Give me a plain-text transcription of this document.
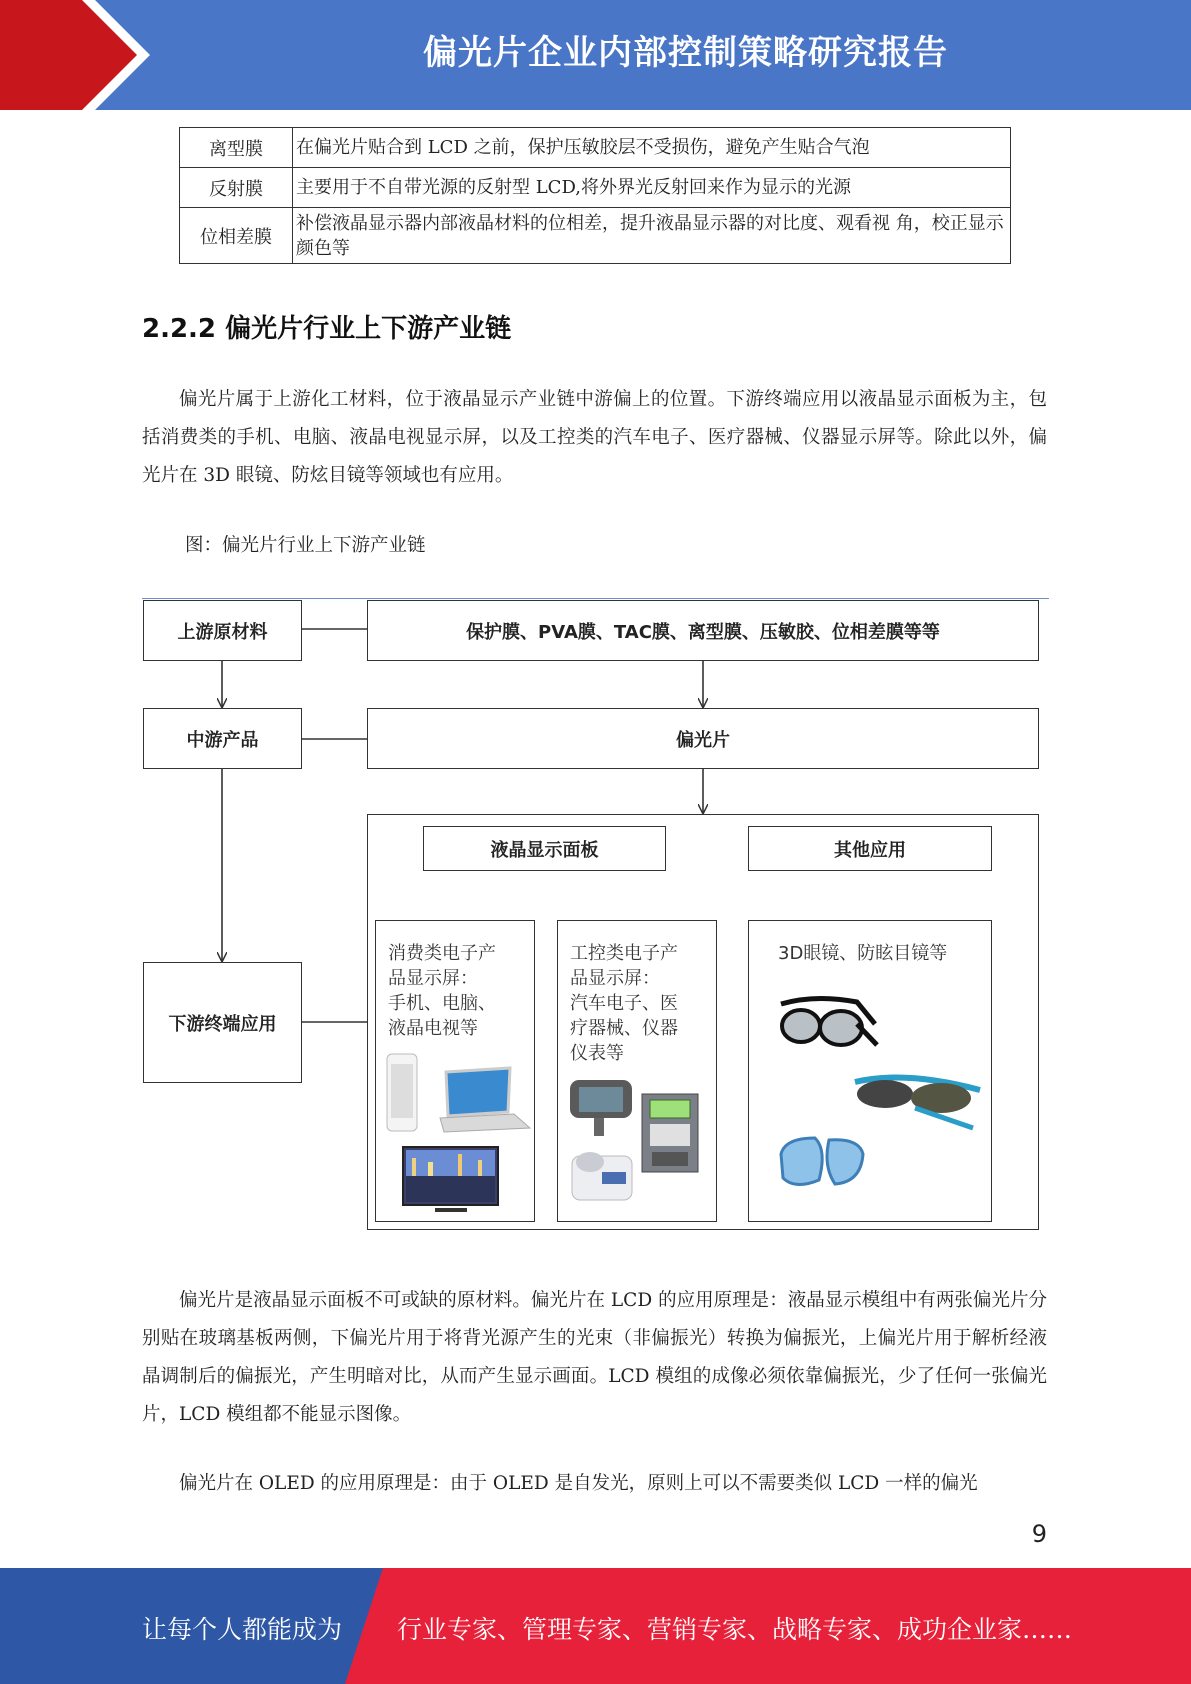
偏光片企业内部控制策略研究报告
离型膜	在偏光片贴合到 LCD 之前，保护压敏胶层不受损伤，避免产生贴合气泡
反射膜	主要用于不自带光源的反射型 LCD,将外界光反射回来作为显示的光源
位相差膜	补偿液晶显示器内部液晶材料的位相差，提升液晶显示器的对比度、观看视 角，校正显示颜色等
2.2.2 偏光片行业上下游产业链
偏光片属于上游化工材料，位于液晶显示产业链中游偏上的位置。下游终端应用以液晶显示面板为主，包括消费类的手机、电脑、液晶电视显示屏，以及工控类的汽车电子、医疗器械、仪器显示屏等。除此以外，偏光片在 3D 眼镜、防炫目镜等领域也有应用。
图：偏光片行业上下游产业链
上游原材料	保护膜、PVA膜、TAC膜、离型膜、压敏胶、位相差膜等等
中游产品	偏光片
下游终端应用
液晶显示面板	其他应用
消费类电子产
品显示屏：
手机、电脑、
液晶电视等
工控类电子产
品显示屏：
汽车电子、医
疗器械、仪器
仪表等
3D眼镜、防眩目镜等
偏光片是液晶显示面板不可或缺的原材料。偏光片在 LCD 的应用原理是：液晶显示模组中有两张偏光片分别贴在玻璃基板两侧，下偏光片用于将背光源产生的光束（非偏振光）转换为偏振光，上偏光片用于解析经液晶调制后的偏振光，产生明暗对比，从而产生显示画面。LCD 模组的成像必须依靠偏振光，少了任何一张偏光片，LCD 模组都不能显示图像。
偏光片在 OLED 的应用原理是：由于 OLED 是自发光，原则上可以不需要类似 LCD 一样的偏光
9
让每个人都能成为 行业专家、管理专家、营销专家、战略专家、成功企业家……
